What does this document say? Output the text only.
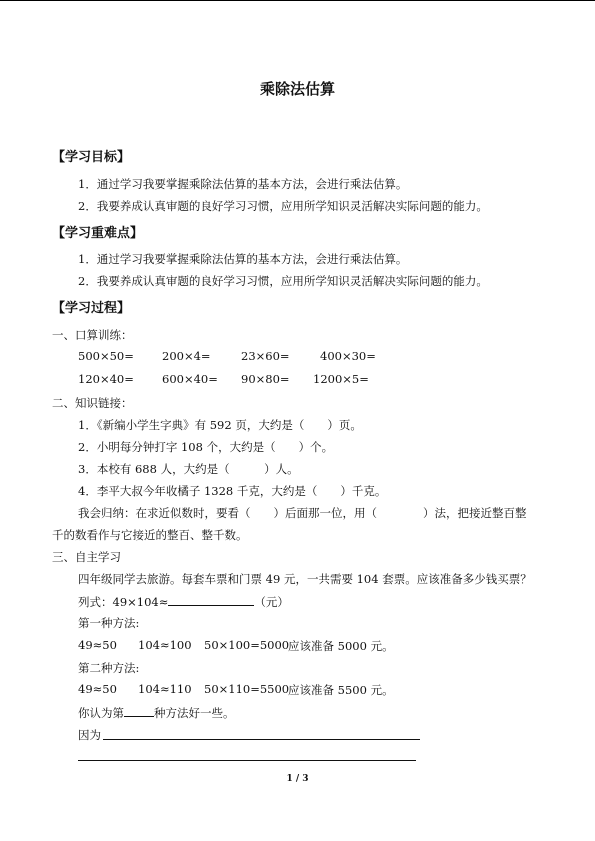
乘除法估算
【学习目标】
1．通过学习我要掌握乘除法估算的基本方法，会进行乘法估算。
2．我要养成认真审题的良好学习习惯，应用所学知识灵活解决实际问题的能力。
【学习重难点】
1．通过学习我要掌握乘除法估算的基本方法，会进行乘法估算。
2．我要养成认真审题的良好学习习惯，应用所学知识灵活解决实际问题的能力。
【学习过程】
一、口算训练：
500×50= 200×4=	23×60=	400×30=
120×40= 600×40= 90×80= 1200×5=
二、知识链接：
1．《新编小学生字典》有 592 页，大约是（　　）页。
2．小明每分钟打字 108 个，大约是（　　）个。
3．本校有 688 人，大约是（　　　）人。
4．李平大叔今年收橘子 1328 千克，大约是（　　）千克。
我会归纳：在求近似数时，要看（　　）后面那一位，用（　　　　）法，把接近整百整
千的数看作与它接近的整百、整千数。
三、自主学习
四年级同学去旅游。每套车票和门票 49 元，一共需要 104 套票。应该准备多少钱买票？
列式：49×104≈	（元）
第一种方法:
49≈50 104≈100 50×100=5000
应该准备 5000 元。
第二种方法:
49≈50 104≈110 50×110=5500
应该准备 5500 元。
你认为第	种方法好一些。
因为
1 / 3
